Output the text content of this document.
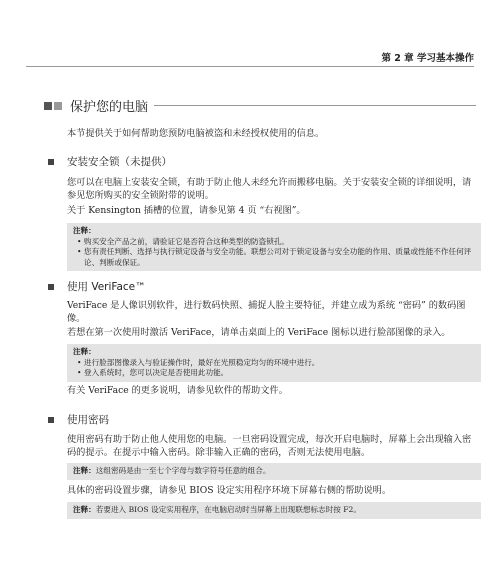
第 2 章 学习基本操作
保护您的电脑
本节提供关于如何帮助您预防电脑被盗和未经授权使用的信息。
安装安全锁（未提供）
您可以在电脑上安装安全锁，有助于防止他人未经允许而搬移电脑。关于安装安全锁的详细说明，请参见您所购买的安全锁附带的说明。
关于 Kensington 插槽的位置，请参见第 4 页 “右视图”。
注释：
• 购买安全产品之前，请验证它是否符合这种类型的防盗锁孔。
• 您有责任判断、选择与执行锁定设备与安全功能。联想公司对于锁定设备与安全功能的作用、质量或性能不作任何评论、判断或保证。
使用 VeriFace™
VeriFace 是人像识别软件，进行数码快照、捕捉人脸主要特征，并建立成为系统 “密码” 的数码图像。
若想在第一次使用时激活 VeriFace，请单击桌面上的 VeriFace 图标以进行脸部图像的录入。
注释：
• 进行脸部图像录入与验证操作时，最好在光照稳定均匀的环境中进行。
• 登入系统时，您可以决定是否使用此功能。
有关 VeriFace 的更多说明，请参见软件的帮助文件。
使用密码
使用密码有助于防止他人使用您的电脑。一旦密码设置完成，每次开启电脑时，屏幕上会出现输入密码的提示。在提示中输入密码。除非输入正确的密码，否则无法使用电脑。
注释：这组密码是由一至七个字母与数字符号任意的组合。
具体的密码设置步骤，请参见 BIOS 设定实用程序环境下屏幕右侧的帮助说明。
注释：若要进入 BIOS 设定实用程序，在电脑启动时当屏幕上出现联想标志时按 F2。
